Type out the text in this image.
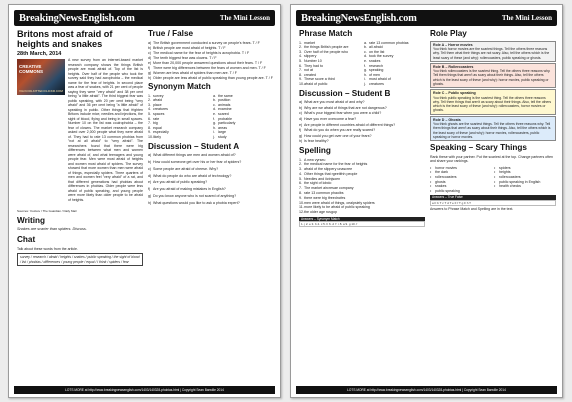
BreakingNewsEnglish.com	The Mini Lesson
Britons most afraid of heights and snakes
28th March, 2014
CREATIVE COMMONS
VIA KOOLKITTEN FLICKR.COM
A new survey from an internet-based market research company shows the things British people are most afraid of. Top of the list is heights. Over half of the people who took the survey said they had acrophobia – the medical name for the fear of heights. In second place was a fear of snakes, with 21 per cent of people saying they were "very afraid" and 38 per cent being "a little afraid". The third biggest fear was public speaking, with 20 per cent being "very afraid" and 36 per cent being "a little afraid" of speaking in public. Other things that frighten Britons include mice, needles and injections, the sight of blood, flying and being in small spaces. Number 10 on the list was coulrophobia – the fear of clowns. The market research company asked over 2,000 people what they were afraid of. They had to rate 13 common phobias from "not at all afraid" to "very afraid". The researchers found that there were big differences between what men and women were afraid of, and what teenagers and young people fear. Men were most afraid of heights and women most afraid of spiders. The survey showed that more women than men were afraid of things, especially spiders. Three quarters of men and women feel "very afraid" of a rat, and that different generations had phobias about differences in phobias. Older people were less afraid of public speaking, and young people were more likely than older people to be afraid of heights.
Sources: YouGov / The Guardian / Daily Mail
Writing
Snakes are scarier than spiders. Discuss.
Chat
Talk about these words from the article.
survey / research / afraid / heights / snakes / public speaking / the sight of blood / list / phobias / differences / young people / equal / I think / spiders / fear
True / False
a) The British government conducted a survey on people's fears. T / F
b) British people are most afraid of heights. T / F
c) The medical name for the fear of heights is acrophobia. T / F
d) The tenth biggest fear was clowns. T / F
e) More than 20,000 people answered questions about their fears. T / F
f) There were big differences between the fears of women and men. T / F
g) Women are less afraid of spiders than men are. T / F
h) Older people are less afraid of public speaking than young people are. T / F
Synonym Match
1. survey	a. the same
2. afraid	b. position
3. place	c. animals
4. creatures	d. examine
5. spaces	e. scared
6. rate	f. probable
7. big	g. particularly
8. equal	h. areas
9. especially	i. large
10. likely	j. study
Discussion – Student A
a) What different things are men and women afraid of?
b) How could someone get over his or her fear of spiders?
c) Some people are afraid of cheese. Why?
d) What do people do who are afraid of technology?
e) Are you afraid of public speaking?
f) Are you afraid of making mistakes in English?
g) Do you know anyone who is not scared of anything?
h) What questions would you like to ask a phobia expert?
LOTS MORE at http://www.breakingnewsenglish.com/1403/140328-phobias.html | Copyright Sean Banville 2014
BreakingNewsEnglish.com	The Mini Lesson
Phrase Match
1. market	a. rate 13 common phobias
2. the things British people are	b. all afraid
3. Over half of the people who	c. on the list
4. slippery	d. took the survey
5. Number 10	e. snakes
6. They had to	f. research
7. not at	g. speaking
8. created	h. of men
9. These score a third	i. most afraid of
10. afraid of public	j. creatures
Discussion – Student B
a) What are you most afraid of and why?
b) Why are we afraid of things that are not dangerous?
c) What's your biggest fear when you were a child?
d) Have you ever overcome a fear?
e) Are people in different countries afraid of different things?
f) What do you do when you are really scared?
g) How could you get over one of your fears?
h) Is fear healthy?
Spelling
1. A new vyrseu
2. the medical name for the fear of heights
3. afraid of the slippery unascree
4. Other things that rgeetifnh people
5. Needles and iictnjsoen
6. the sight of lobdo
7. The market aircresae company
8. rate 13 common phaoibs
9. there were big ifreedncfes
10. men were afraid of things, cealpsiely spiders
11. more likely to be afraid of public speaking
12. the older age rusgop
Answers – Synonym Match
1. j 2. e 3. b 4. c 5. h 6. d 7. i 8. a 9. g 10. f
Role Play
Role A – Horror movies
You think horror movies are the scariest things. Tell the others three reasons why. Tell them what their things are not scary. Also, tell the others which is the least scary of these (and why): rollercoasters, public speaking or ghosts.
Role B – Rollercoasters
You think rollercoasters is the scariest thing. Tell the others three reasons why. Tell them things that aren't as scary about their things. Also, tell the others which is the least scary of these (and why): horror movies, public speaking or ghosts.
Role C – Public speaking
You think public speaking is the scariest thing. Tell the others three reasons why. Tell them things that aren't as scary about their things. Also, tell the others which is the least scary of these (and why): rollercoasters, horror movies or ghosts.
Role D – Ghosts
You think ghosts are the scariest things. Tell the others three reasons why. Tell them things that aren't as scary about their things. Also, tell the others which is the least scary of these (and why): horror movies, rollercoasters, public speaking or horror movies.
Speaking – Scary Things
Rank these with your partner. Put the scariest at the top. Change partners often and share your rankings.
•	horror movies
•	the dark
•	rollercoasters
•	ghosts
•	snakes
•	public speaking
•	spiders
•	heights
•	rollercoasters
•	public speaking in English
•	health checks
Answers – True False
a F b T c T d T e F f T g F h T
Answers to Phrase Match and Spelling are in the text.
LOTS MORE at http://www.breakingnewsenglish.com/1403/140328-phobias.html | Copyright Sean Banville 2014
